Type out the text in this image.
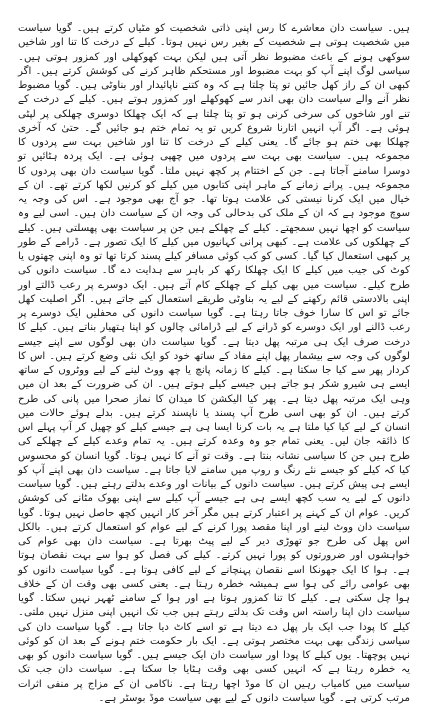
ہیں۔ سیاست دان معاشرے کا رس اپنی ذاتی شخصیت کو مٹیاں کرتے ہیں۔ گویا سیاست میں شخصیت ہوتی ہے شخصیت کے بغیر رس نہیں ہوتا۔ کیلے کے درخت کا تنا اور شاخیں سوکھی ہونے کے باعث مضبوط نظر آتی ہیں لیکن بہت کھوکھلی اور کمزور ہوتی ہیں۔ سیاسی لوگ اپنے آپ کو بہت مضبوط اور مستحکم ظاہر کرنے کی کوشش کرتے ہیں۔ اگر کبھی ان کے راز کھل جائیں تو پتا چلتا ہے کہ وہ کتنے ناپائیدار اور بناوٹی ہیں۔ گویا مضبوط نظر آنے والے سیاست دان بھی اندر سے کھوکھلے اور کمزور ہوتے ہیں۔ کیلے کے درخت کے تنے اور شاخوں کی سرخی کرنی ہو تو پتا چلتا ہے کہ ایک چھلکا دوسری چھلکی پر لپٹی ہوئی ہے۔ اگر آپ انہیں اتارنا شروع کریں تو یہ تمام ختم ہو جائیں گے۔ حتیٰ کہ آخری چھلکا بھی ختم ہو جائے گا۔ یعنی کیلے کے درخت کا تنا اور شاخیں بہت سے پردوں کا مجموعہ ہیں۔ سیاست بھی بہت سے پردوں میں چھپی ہوئی ہے۔ ایک پردہ ہٹائیں تو دوسرا سامنے آجاتا ہے۔ جن کے اختتام پر کچھ نہیں ملتا۔ گویا سیاست دان بھی پردوں کا مجموعہ ہیں۔ پرانے زمانے کے ماہر اپنی کتابوں میں کیلے کو کرنیں لکھا کرتے تھے۔ ان کے خیال میں ایک کرنا نیستی کی علامت ہوتا تھا۔ جو آج بھی موجود ہے۔ اس کی وجہ یہ سوچ موجود ہے کہ ان کے ملک کی بدحالی کی وجہ ان کے سیاست دان ہیں۔ اسی لیے وہ سیاست کو اچھا نہیں سمجھتے۔ کیلے کے چھلکے ہیں جن پر سیاست بھی پھسلتی ہیں۔ کیلے کے چھلکوں کی علامت ہے۔ کبھی پرانی کہانیوں میں کیلے کا ایک تصور ہے۔ ڈرامے کے طور پر کبھی استعمال کیا گیا۔ کسی کو کب کوئی مسافر کیلے پسند کرتا تھا تو وہ اپنی چھتوں یا کوٹ کی جیب میں کیلے کا ایک چھلکا رکھ کر باہر سے ہدایت دے گا۔ سیاست دانوں کی طرح کیلے۔ سیاست میں بھی کیلے کے چھلکے کام آتے ہیں۔ ایک دوسرے پر رعب ڈالتے اور اپنی بالادستی قائم رکھنے کے لیے یہ بناوٹی طریقے استعمال کیے جاتے ہیں۔ اگر اصلیت کھل جائے تو اس کا سارا خوف جاتا رہتا ہے۔ گویا سیاست دانوں کی محفلیں ایک دوسرے پر رعب ڈالنے اور ایک دوسرے کو ڈرانے کے لیے ڈرامائی چالوں کو اپنا ہتھیار بناتے ہیں۔ کیلے کا درخت صرف ایک ہی مرتبہ پھل دیتا ہے۔ گویا سیاست دان بھی لوگوں سے اپنے جیسے لوگوں کی وجہ سے بیشمار پھل اپنے مفاد کے ساتھ خود کو ایک نئی وضع کرتے ہیں۔ اس کا کردار پھر سے کیا جا سکتا ہے۔ کیلے کا زمانہ پانچ یا چھ ووٹ لینے کے لیے ووٹروں کے ساتھ ایسے ہی شیرو شکر ہو جاتے ہیں جیسے کیلے ہوتے ہیں۔ ان کی ضرورت کے بعد ان میں وہی ایک مرتبہ پھل دیتا ہے۔ پھر کیا الیکشن کا میدان کا نماز صحرا میں پانی کی طرح کرتے ہیں۔ ان کو بھی اسی طرح آپ پسند یا ناپسند کرتے ہیں۔ بدلے ہوئے حالات میں انسان کے لیے کیا کیا ملتا ہے یہ بات کرنا ایسا ہی ہے جیسے کیلے کو چھیل کر آپ پہلے اس کا ذائقہ جان لیں۔ یعنی تمام جو وہ وعدہ کرتے ہیں۔ یہ تمام وعدے کیلے کے چھلکے کی طرح ہیں جن کا سیاسی نشانہ بنتا ہے۔ وقت تو آنے کا نہیں ہوتا۔ گویا انسان کو محسوس کیا کہ کیلے کو جیسے نئے رنگ و روپ میں سامنے لایا جاتا ہے۔ سیاست دان بھی اپنے آپ کو ایسے ہی پیش کرتے ہیں۔ سیاست دانوں کے بیانات اور وعدے بدلتے رہتے ہیں۔ گویا سیاست دانوں کے لیے یہ سب کچھ ایسے ہی ہے جیسے آپ کیلے سے اپنی بھوک مٹانے کی کوشش کریں۔ عوام ان کے کہنے پر اعتبار کرتے ہیں مگر آخر کار انہیں کچھ حاصل نہیں ہوتا۔ گویا سیاست دان ووٹ لینے اور اپنا مقصد پورا کرنے کے لیے عوام کو استعمال کرتے ہیں۔ بالکل اس پھل کی طرح جو تھوڑی دیر کے لیے پیٹ بھرتا ہے۔ سیاست دان بھی عوام کی خواہشوں اور ضرورتوں کو پورا نہیں کرتے۔ کیلے کی فصل کو ہوا سے بہت نقصان ہوتا ہے۔ ہوا کا ایک جھونکا اسے نقصان پہنچانے کے لیے کافی ہوتا ہے۔ گویا سیاست دانوں کو بھی عوامی رائے کی ہوا سے ہمیشہ خطرہ رہتا ہے۔ یعنی کسی بھی وقت ان کے خلاف ہوا چل سکتی ہے۔ کیلے کا تنا کمزور ہوتا ہے اور ہوا کے سامنے ٹھہر نہیں سکتا۔ گویا سیاست دان اپنا راستہ اس وقت تک بدلتے رہتے ہیں جب تک انہیں اپنی منزل نہیں ملتی۔ کیلے کا پودا جب ایک بار پھل دے دیتا ہے تو اسے کاٹ دیا جاتا ہے۔ گویا سیاست دان کی سیاسی زندگی بھی بہت مختصر ہوتی ہے۔ ایک بار حکومت ختم ہونے کے بعد ان کو کوئی نہیں پوچھتا۔ یوں کیلے کا پودا اور سیاست دان ایک جیسے ہیں۔ گویا سیاست دانوں کو بھی یہ خطرہ رہتا ہے کہ انہیں کسی بھی وقت ہٹایا جا سکتا ہے۔ سیاست دان جب تک سیاست میں کامیاب رہیں ان کا موڈ اچھا رہتا ہے۔ ناکامی ان کے مزاج پر منفی اثرات مرتب کرتی ہے۔ گویا سیاست دانوں کے لیے بھی سیاست موڈ بوسٹر ہے۔
